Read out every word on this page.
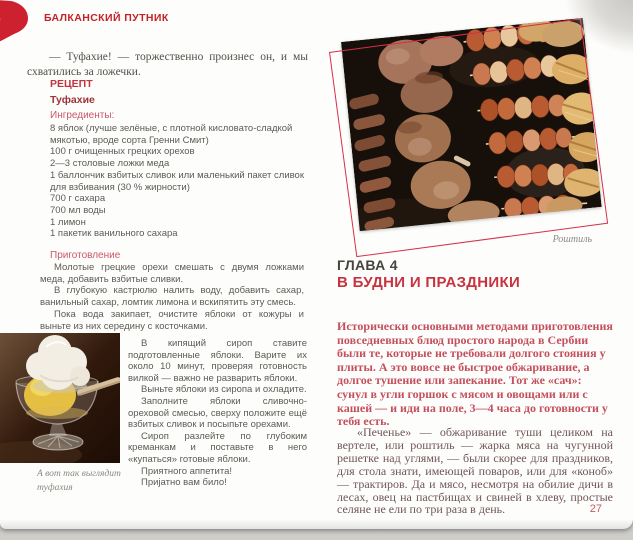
БАЛКАНСКИЙ ПУТНИК

— Туфахие! — торжественно произнес он, и мы схватились за ложечки.

РЕЦЕПТ
Туфахие
Ингредиенты:
8 яблок (лучше зелёные, с плотной кисловато-сладкой мякотью, вроде сорта Гренни Смит)
100 г очищенных грецких орехов
2—3 столовые ложки меда
1 баллончик взбитых сливок или маленький пакет сливок для взбивания (30 % жирности)
700 г сахара
700 мл воды
1 лимон
1 пакетик ванильного сахара
Приготовление

Молотые грецкие орехи смешать с двумя ложками меда, добавить взбитые сливки.

В глубокую кастрюлю налить воду, добавить сахар, ванильный сахар, ломтик лимона и вскипятить эту смесь.

Пока вода закипает, очистите яблоки от кожуры и выньте из них середину с косточками.

А вот так выглядит туфахия

В кипящий сироп ставите подготовленные яблоки. Варите их около 10 минут, проверяя готовность вилкой — важно не разварить яблоки.

Выньте яблоки из сиропа и охладите.

Заполните яблоки сливочно-ореховой смесью, сверху положите ещё взбитых сливок и посыпьте орехами.

Сироп разлейте по глубоким креманкам и поставьте в него «купаться» готовые яблоки.

Приятного аппетита!

Пријатно вам било!

Роштиль
ГЛАВА 4
В БУДНИ И ПРАЗДНИКИ

Исторически основными методами приготовления повседневных блюд простого народа в Сербии были те, которые не требовали долгого стояния у плиты. А это вовсе не быстрое обжаривание, а долгое тушение или запекание. Тот же «сач»: сунул в угли горшок с мясом и овощами или с кашей — и иди на поле, 3—4 часа до готовности у тебя есть.

«Печенье» — обжаривание туши целиком на вертеле, или роштиль — жарка мяса на чугунной решетке над углями, — были скорее для праздников, для стола знати, имеющей поваров, или для «коноб» — трактиров. Да и мясо, несмотря на обилие дичи в лесах, овец на пастбищах и свиней в хлеву, простые селяне не ели по три раза в день.	27
